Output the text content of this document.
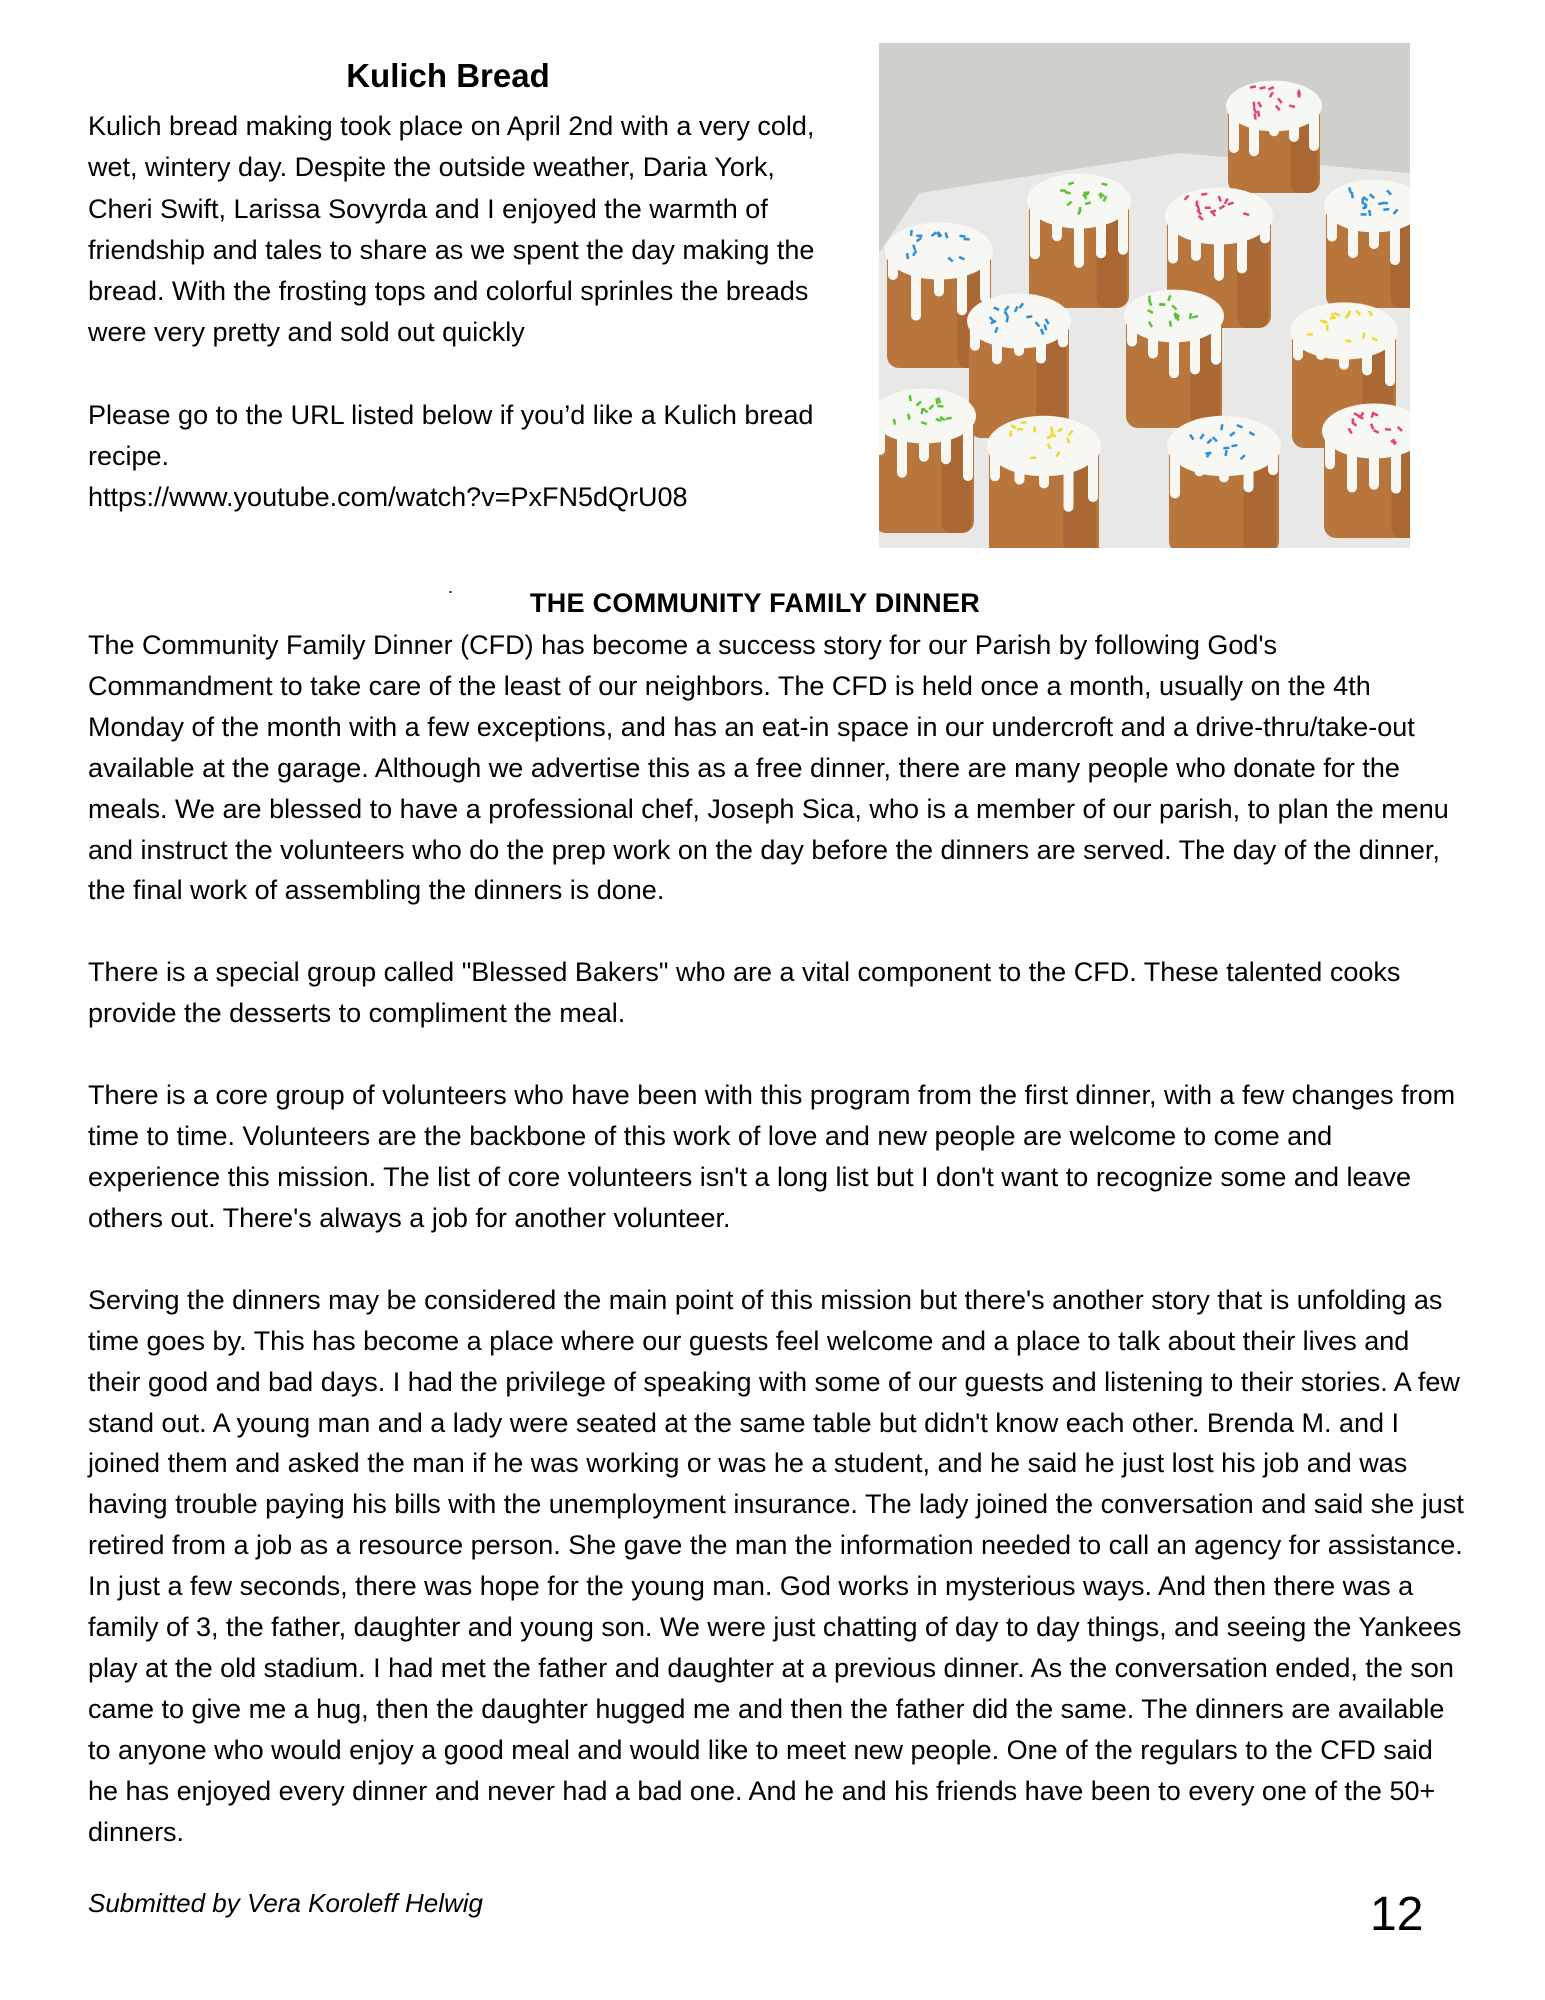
Kulich Bread

Kulich bread making took place on April 2nd with a very cold, wet, wintery day. Despite the outside weather, Daria York, Cheri Swift, Larissa Sovyrda and I enjoyed the warmth of friendship and tales to share as we spent the day making the bread. With the frosting tops and colorful sprinles the breads were very pretty and sold out quickly

Please go to the URL listed below if you’d like a Kulich bread recipe.
https://www.youtube.com/watch?v=PxFN5dQrU08

.
THE COMMUNITY FAMILY DINNER

The Community Family Dinner (CFD) has become a success story for our Parish by following God's Commandment to take care of the least of our neighbors. The CFD is held once a month, usually on the 4th Monday of the month with a few exceptions, and has an eat-in space in our undercroft and a drive-thru/take-out available at the garage. Although we advertise this as a free dinner, there are many people who donate for the meals. We are blessed to have a professional chef, Joseph Sica, who is a member of our parish, to plan the menu and instruct the volunteers who do the prep work on the day before the dinners are served. The day of the dinner, the final work of assembling the dinners is done.

There is a special group called "Blessed Bakers" who are a vital component to the CFD. These talented cooks provide the desserts to compliment the meal.

There is a core group of volunteers who have been with this program from the first dinner, with a few changes from time to time. Volunteers are the backbone of this work of love and new people are welcome to come and experience this mission. The list of core volunteers isn't a long list but I don't want to recognize some and leave others out. There's always a job for another volunteer.

Serving the dinners may be considered the main point of this mission but there's another story that is unfolding as time goes by. This has become a place where our guests feel welcome and a place to talk about their lives and their good and bad days. I had the privilege of speaking with some of our guests and listening to their stories. A few stand out. A young man and a lady were seated at the same table but didn't know each other. Brenda M. and I joined them and asked the man if he was working or was he a student, and he said he just lost his job and was having trouble paying his bills with the unemployment insurance. The lady joined the conversation and said she just retired from a job as a resource person. She gave the man the information needed to call an agency for assistance. In just a few seconds, there was hope for the young man. God works in mysterious ways. And then there was a family of 3, the father, daughter and young son. We were just chatting of day to day things, and seeing the Yankees play at the old stadium. I had met the father and daughter at a previous dinner. As the conversation ended, the son came to give me a hug, then the daughter hugged me and then the father did the same. The dinners are available to anyone who would enjoy a good meal and would like to meet new people. One of the regulars to the CFD said he has enjoyed every dinner and never had a bad one. And he and his friends have been to every one of the 50+ dinners.

Submitted by Vera Koroleff Helwig	12
